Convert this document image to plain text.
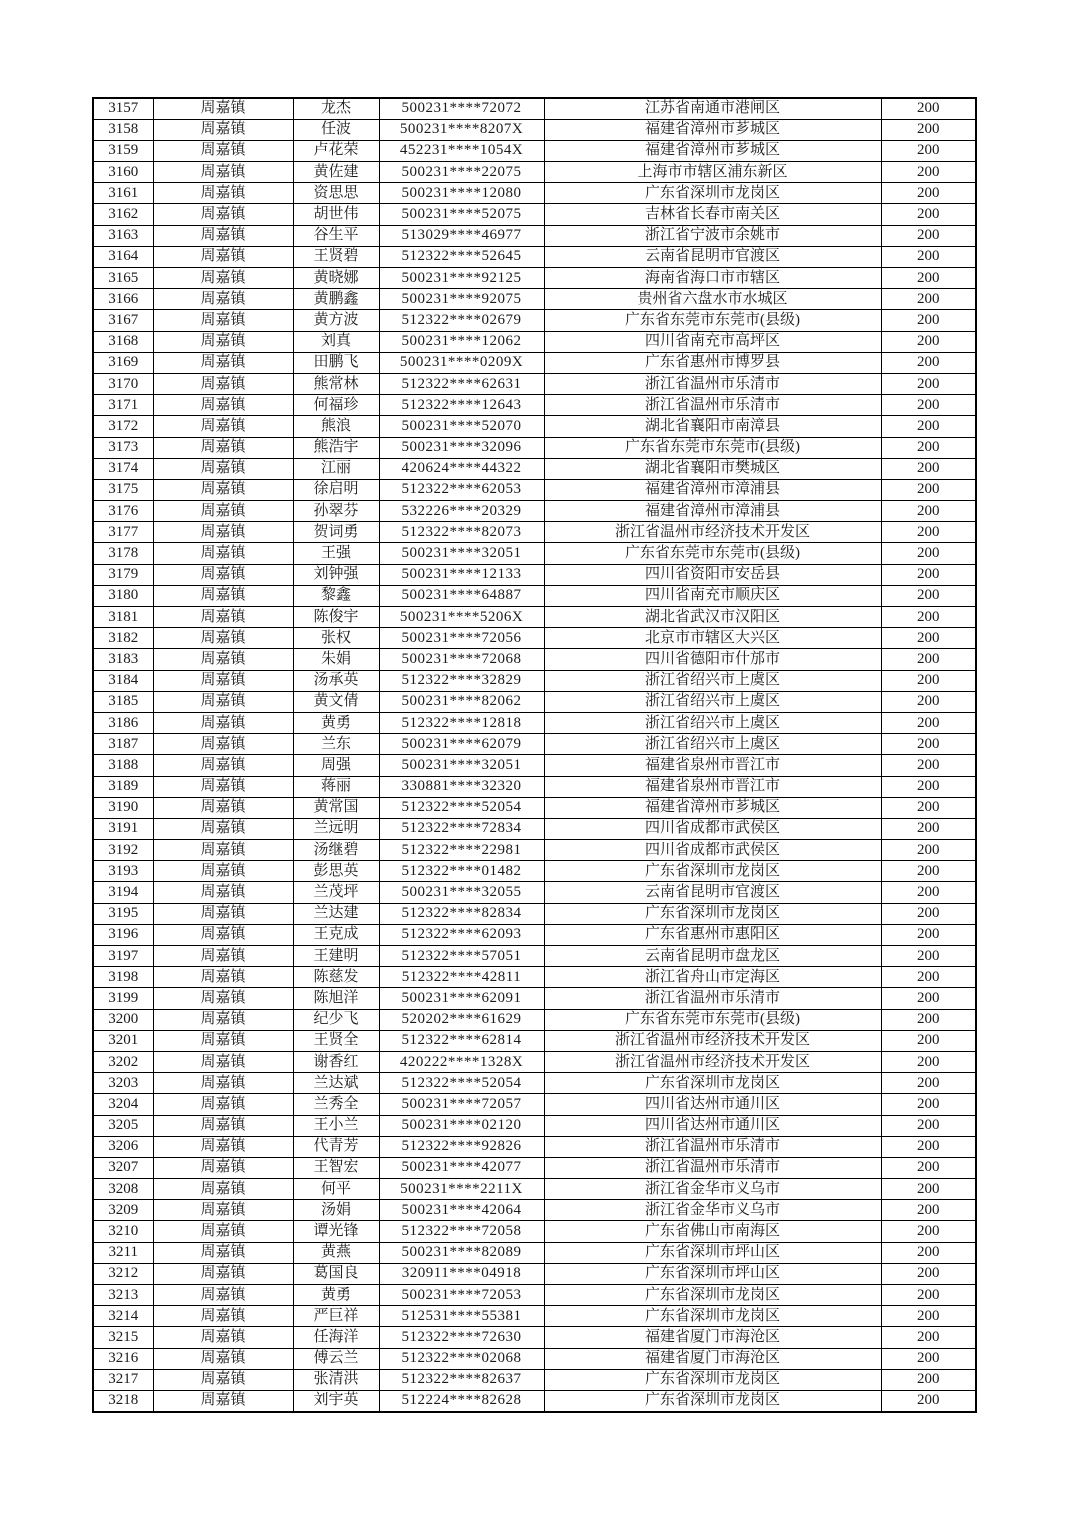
3157	周嘉镇	龙杰	500231****72072	江苏省南通市港闸区	200
3158	周嘉镇	任波	500231****8207X	福建省漳州市芗城区	200
3159	周嘉镇	卢花荣	452231****1054X	福建省漳州市芗城区	200
3160	周嘉镇	黄佐建	500231****22075	上海市市辖区浦东新区	200
3161	周嘉镇	资思思	500231****12080	广东省深圳市龙岗区	200
3162	周嘉镇	胡世伟	500231****52075	吉林省长春市南关区	200
3163	周嘉镇	谷生平	513029****46977	浙江省宁波市余姚市	200
3164	周嘉镇	王贤碧	512322****52645	云南省昆明市官渡区	200
3165	周嘉镇	黄晓娜	500231****92125	海南省海口市市辖区	200
3166	周嘉镇	黄鹏鑫	500231****92075	贵州省六盘水市水城区	200
3167	周嘉镇	黄方波	512322****02679	广东省东莞市东莞市(县级)	200
3168	周嘉镇	刘真	500231****12062	四川省南充市高坪区	200
3169	周嘉镇	田鹏飞	500231****0209X	广东省惠州市博罗县	200
3170	周嘉镇	熊常林	512322****62631	浙江省温州市乐清市	200
3171	周嘉镇	何福珍	512322****12643	浙江省温州市乐清市	200
3172	周嘉镇	熊浪	500231****52070	湖北省襄阳市南漳县	200
3173	周嘉镇	熊浩宇	500231****32096	广东省东莞市东莞市(县级)	200
3174	周嘉镇	江丽	420624****44322	湖北省襄阳市樊城区	200
3175	周嘉镇	徐启明	512322****62053	福建省漳州市漳浦县	200
3176	周嘉镇	孙翠芬	532226****20329	福建省漳州市漳浦县	200
3177	周嘉镇	贺词勇	512322****82073	浙江省温州市经济技术开发区	200
3178	周嘉镇	王强	500231****32051	广东省东莞市东莞市(县级)	200
3179	周嘉镇	刘钟强	500231****12133	四川省资阳市安岳县	200
3180	周嘉镇	黎鑫	500231****64887	四川省南充市顺庆区	200
3181	周嘉镇	陈俊宇	500231****5206X	湖北省武汉市汉阳区	200
3182	周嘉镇	张权	500231****72056	北京市市辖区大兴区	200
3183	周嘉镇	朱娟	500231****72068	四川省德阳市什邡市	200
3184	周嘉镇	汤承英	512322****32829	浙江省绍兴市上虞区	200
3185	周嘉镇	黄文倩	500231****82062	浙江省绍兴市上虞区	200
3186	周嘉镇	黄勇	512322****12818	浙江省绍兴市上虞区	200
3187	周嘉镇	兰东	500231****62079	浙江省绍兴市上虞区	200
3188	周嘉镇	周强	500231****32051	福建省泉州市晋江市	200
3189	周嘉镇	蒋丽	330881****32320	福建省泉州市晋江市	200
3190	周嘉镇	黄常国	512322****52054	福建省漳州市芗城区	200
3191	周嘉镇	兰远明	512322****72834	四川省成都市武侯区	200
3192	周嘉镇	汤继碧	512322****22981	四川省成都市武侯区	200
3193	周嘉镇	彭思英	512322****01482	广东省深圳市龙岗区	200
3194	周嘉镇	兰茂坪	500231****32055	云南省昆明市官渡区	200
3195	周嘉镇	兰达建	512322****82834	广东省深圳市龙岗区	200
3196	周嘉镇	王克成	512322****62093	广东省惠州市惠阳区	200
3197	周嘉镇	王建明	512322****57051	云南省昆明市盘龙区	200
3198	周嘉镇	陈慈发	512322****42811	浙江省舟山市定海区	200
3199	周嘉镇	陈旭洋	500231****62091	浙江省温州市乐清市	200
3200	周嘉镇	纪少飞	520202****61629	广东省东莞市东莞市(县级)	200
3201	周嘉镇	王贤全	512322****62814	浙江省温州市经济技术开发区	200
3202	周嘉镇	谢香红	420222****1328X	浙江省温州市经济技术开发区	200
3203	周嘉镇	兰达斌	512322****52054	广东省深圳市龙岗区	200
3204	周嘉镇	兰秀全	500231****72057	四川省达州市通川区	200
3205	周嘉镇	王小兰	500231****02120	四川省达州市通川区	200
3206	周嘉镇	代青芳	512322****92826	浙江省温州市乐清市	200
3207	周嘉镇	王智宏	500231****42077	浙江省温州市乐清市	200
3208	周嘉镇	何平	500231****2211X	浙江省金华市义乌市	200
3209	周嘉镇	汤娟	500231****42064	浙江省金华市义乌市	200
3210	周嘉镇	谭光锋	512322****72058	广东省佛山市南海区	200
3211	周嘉镇	黄燕	500231****82089	广东省深圳市坪山区	200
3212	周嘉镇	葛国良	320911****04918	广东省深圳市坪山区	200
3213	周嘉镇	黄勇	500231****72053	广东省深圳市龙岗区	200
3214	周嘉镇	严巨祥	512531****55381	广东省深圳市龙岗区	200
3215	周嘉镇	任海洋	512322****72630	福建省厦门市海沧区	200
3216	周嘉镇	傅云兰	512322****02068	福建省厦门市海沧区	200
3217	周嘉镇	张清洪	512322****82637	广东省深圳市龙岗区	200
3218	周嘉镇	刘宇英	512224****82628	广东省深圳市龙岗区	200
